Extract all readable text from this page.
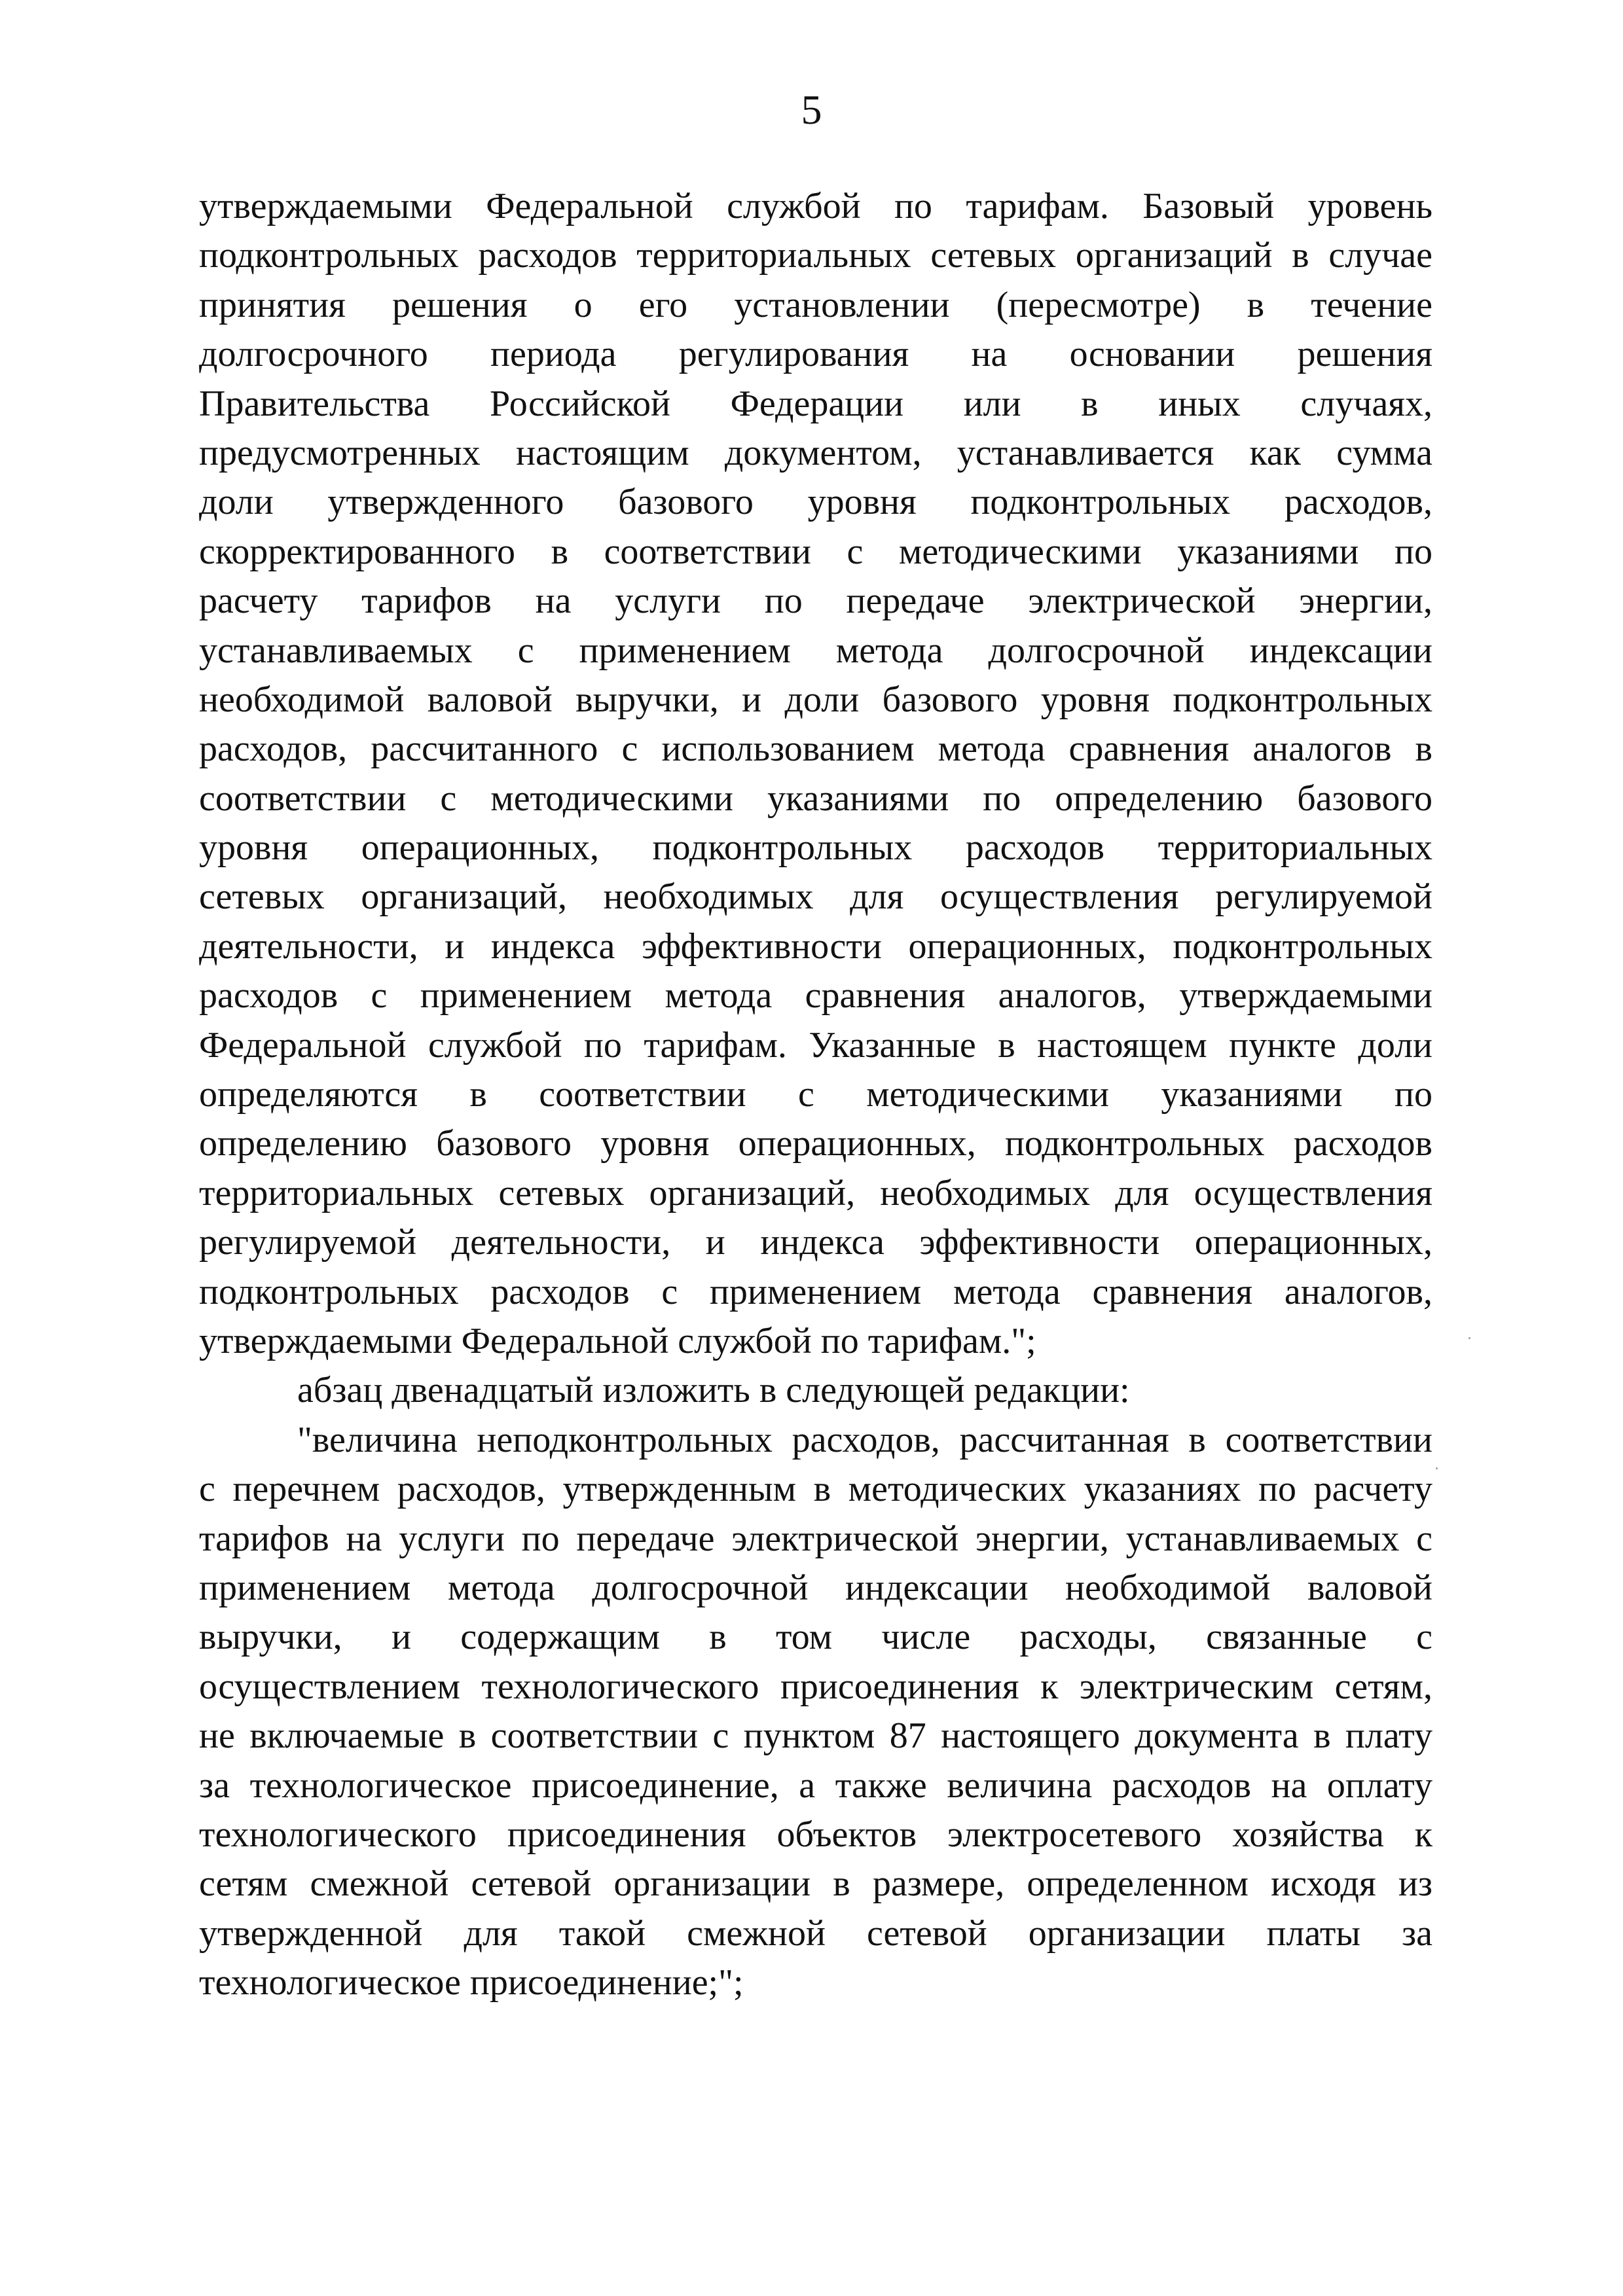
5
утверждаемыми Федеральной службой по тарифам. Базовый уровень
подконтрольных расходов территориальных сетевых организаций в случае
принятия решения о его установлении (пересмотре) в течение
долгосрочного периода регулирования на основании решения
Правительства Российской Федерации или в иных случаях,
предусмотренных настоящим документом, устанавливается как сумма
доли утвержденного базового уровня подконтрольных расходов,
скорректированного в соответствии с методическими указаниями по
расчету тарифов на услуги по передаче электрической энергии,
устанавливаемых с применением метода долгосрочной индексации
необходимой валовой выручки, и доли базового уровня подконтрольных
расходов, рассчитанного с использованием метода сравнения аналогов в
соответствии с методическими указаниями по определению базового
уровня операционных, подконтрольных расходов территориальных
сетевых организаций, необходимых для осуществления регулируемой
деятельности, и индекса эффективности операционных, подконтрольных
расходов с применением метода сравнения аналогов, утверждаемыми
Федеральной службой по тарифам. Указанные в настоящем пункте доли
определяются в соответствии с методическими указаниями по
определению базового уровня операционных, подконтрольных расходов
территориальных сетевых организаций, необходимых для осуществления
регулируемой деятельности, и индекса эффективности операционных,
подконтрольных расходов с применением метода сравнения аналогов,
утверждаемыми Федеральной службой по тарифам.";
абзац двенадцатый изложить в следующей редакции:
"величина неподконтрольных расходов, рассчитанная в соответствии
с перечнем расходов, утвержденным в методических указаниях по расчету
тарифов на услуги по передаче электрической энергии, устанавливаемых с
применением метода долгосрочной индексации необходимой валовой
выручки, и содержащим в том числе расходы, связанные с
осуществлением технологического присоединения к электрическим сетям,
не включаемые в соответствии с пунктом 87 настоящего документа в плату
за технологическое присоединение, а также величина расходов на оплату
технологического присоединения объектов электросетевого хозяйства к
сетям смежной сетевой организации в размере, определенном исходя из
утвержденной для такой смежной сетевой организации платы за
технологическое присоединение;";
